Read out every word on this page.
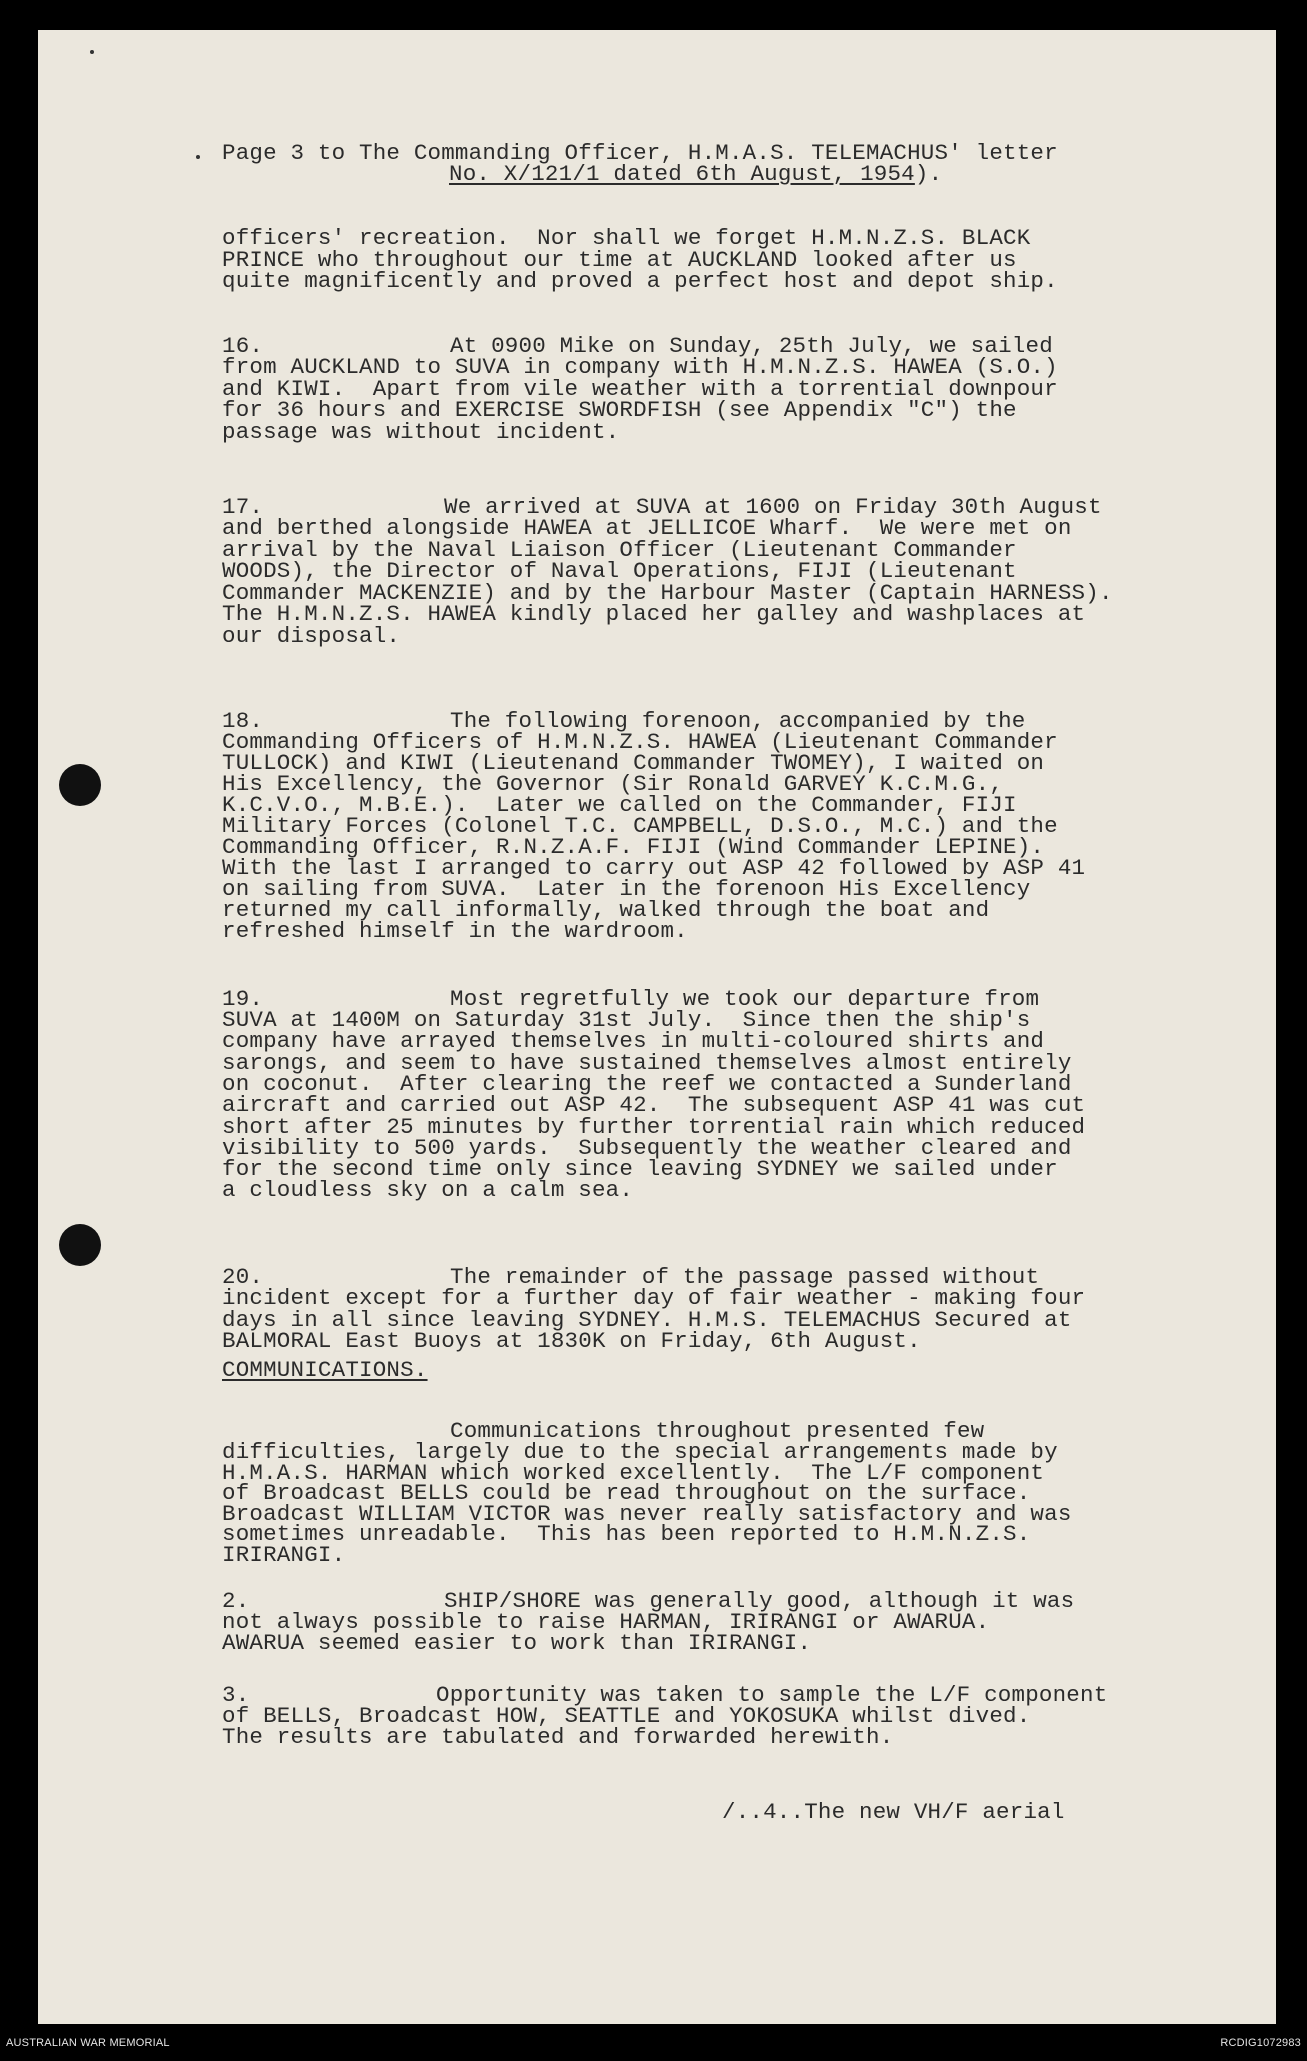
Page 3 to The Commanding Officer, H.M.A.S. TELEMACHUS' letter
No. X/121/1 dated 6th August, 1954).
officers' recreation.  Nor shall we forget H.M.N.Z.S. BLACK
PRINCE who throughout our time at AUCKLAND looked after us
quite magnificently and proved a perfect host and depot ship.
16.	At 0900 Mike on Sunday, 25th July, we sailed
from AUCKLAND to SUVA in company with H.M.N.Z.S. HAWEA (S.O.)
and KIWI.  Apart from vile weather with a torrential downpour
for 36 hours and EXERCISE SWORDFISH (see Appendix "C") the
passage was without incident.
17.	We arrived at SUVA at 1600 on Friday 30th August
and berthed alongside HAWEA at JELLICOE Wharf.  We were met on
arrival by the Naval Liaison Officer (Lieutenant Commander
WOODS), the Director of Naval Operations, FIJI (Lieutenant
Commander MACKENZIE) and by the Harbour Master (Captain HARNESS).
The H.M.N.Z.S. HAWEA kindly placed her galley and washplaces at
our disposal.
18.	The following forenoon, accompanied by the
Commanding Officers of H.M.N.Z.S. HAWEA (Lieutenant Commander
TULLOCK) and KIWI (Lieutenand Commander TWOMEY), I waited on
His Excellency, the Governor (Sir Ronald GARVEY K.C.M.G.,
K.C.V.O., M.B.E.).  Later we called on the Commander, FIJI
Military Forces (Colonel T.C. CAMPBELL, D.S.O., M.C.) and the
Commanding Officer, R.N.Z.A.F. FIJI (Wind Commander LEPINE).
With the last I arranged to carry out ASP 42 followed by ASP 41
on sailing from SUVA.  Later in the forenoon His Excellency
returned my call informally, walked through the boat and
refreshed himself in the wardroom.
19.	Most regretfully we took our departure from
SUVA at 1400M on Saturday 31st July.  Since then the ship's
company have arrayed themselves in multi-coloured shirts and
sarongs, and seem to have sustained themselves almost entirely
on coconut.  After clearing the reef we contacted a Sunderland
aircraft and carried out ASP 42.  The subsequent ASP 41 was cut
short after 25 minutes by further torrential rain which reduced
visibility to 500 yards.  Subsequently the weather cleared and
for the second time only since leaving SYDNEY we sailed under
a cloudless sky on a calm sea.
20.	The remainder of the passage passed without
incident except for a further day of fair weather - making four
days in all since leaving SYDNEY. H.M.S. TELEMACHUS Secured at
BALMORAL East Buoys at 1830K on Friday, 6th August.
COMMUNICATIONS.
Communications throughout presented few
difficulties, largely due to the special arrangements made by
H.M.A.S. HARMAN which worked excellently.  The L/F component
of Broadcast BELLS could be read throughout on the surface.
Broadcast WILLIAM VICTOR was never really satisfactory and was
sometimes unreadable.  This has been reported to H.M.N.Z.S.
IRIRANGI.
2.	SHIP/SHORE was generally good, although it was
not always possible to raise HARMAN, IRIRANGI or AWARUA.
AWARUA seemed easier to work than IRIRANGI.
3.	Opportunity was taken to sample the L/F component
of BELLS, Broadcast HOW, SEATTLE and YOKOSUKA whilst dived.
The results are tabulated and forwarded herewith.
/..4..The new VH/F aerial
AUSTRALIAN WAR MEMORIAL	RCDIG1072983
